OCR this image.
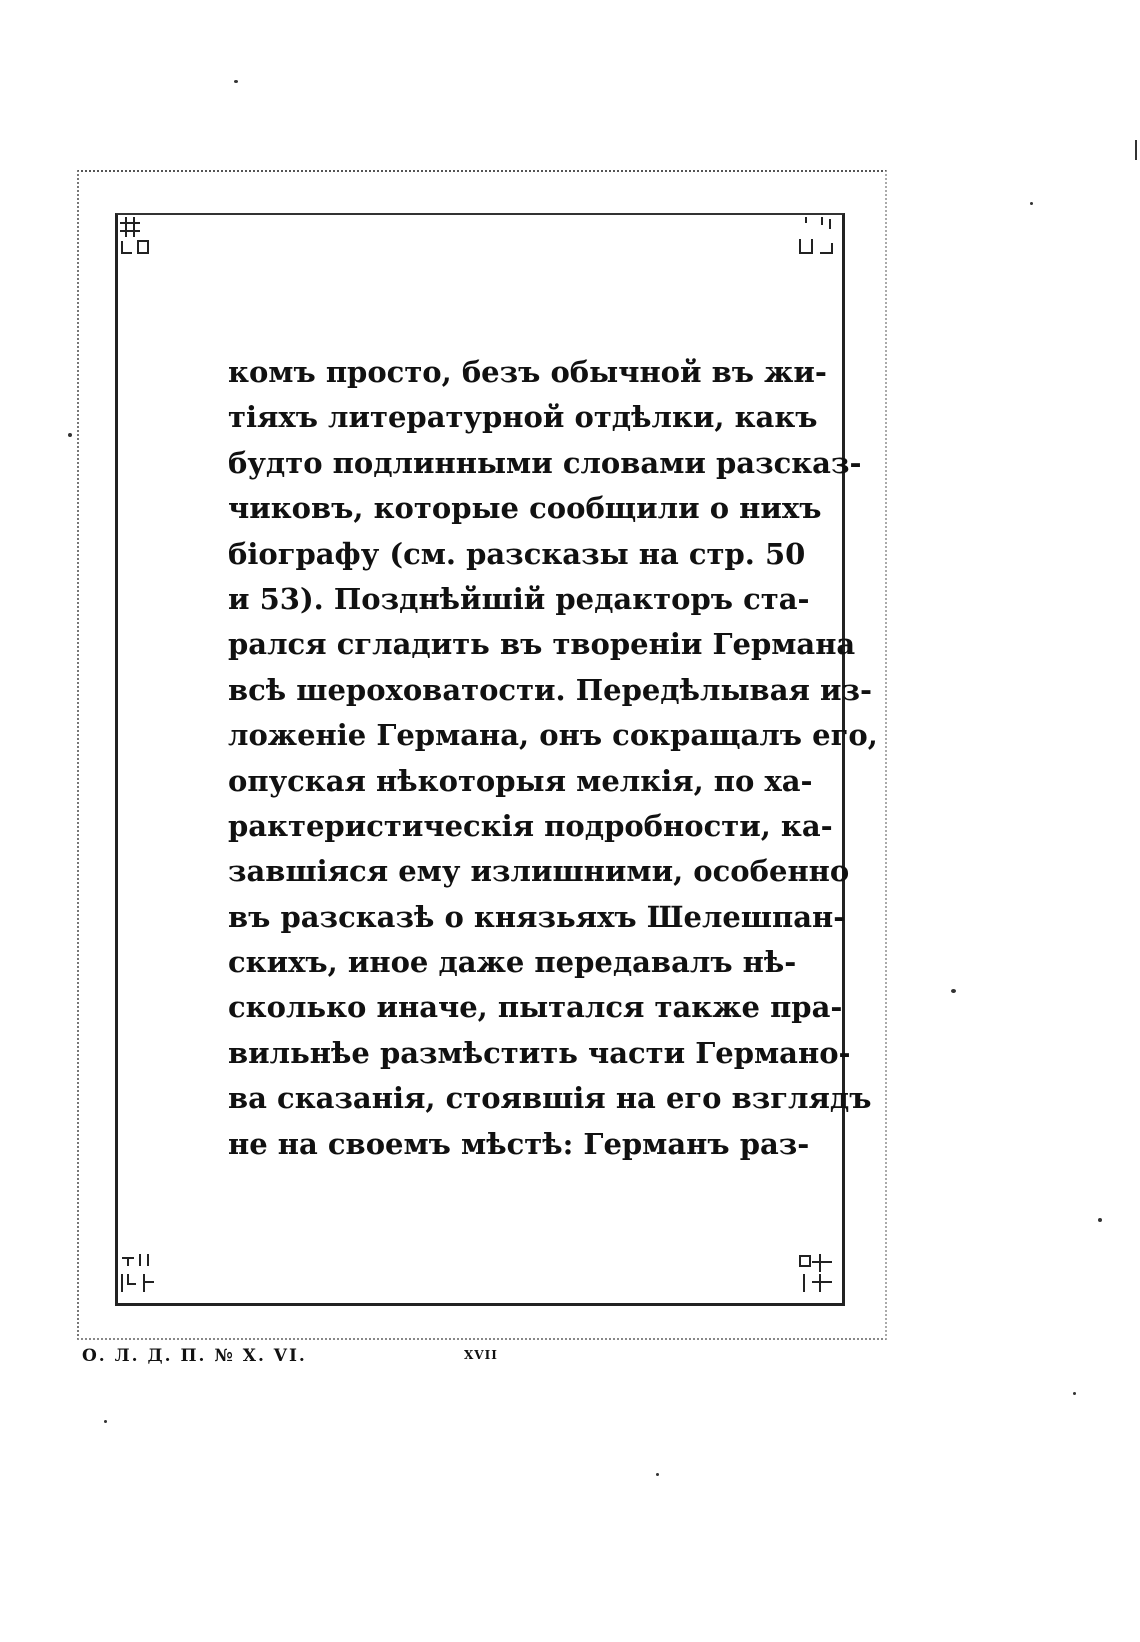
комъ просто, безъ обычной въ жи-
тіяхъ литературной отдѣлки, какъ
будто подлинными словами разсказ-
чиковъ, которые сообщили о нихъ
біографу (см. разсказы на стр. 50
и 53). Позднѣйшій редакторъ ста-
рался сгладить въ твореніи Германа
всѣ шероховатости. Передѣлывая из-
ложеніе Германа, онъ сокращалъ его,
опуская нѣкоторыя мелкія, по ха-
рактеристическія подробности, ка-
завшіяся ему излишними, особенно
въ разсказѣ о князьяхъ Шелешпан-
скихъ, иное даже передавалъ нѣ-
сколько иначе, пытался также пра-
вильнѣе размѣстить части Германо-
ва сказанія, стоявшія на его взглядъ
не на своемъ мѣстѣ: Германъ раз-
О. Л. Д. П. № Х. VI.	XVII
